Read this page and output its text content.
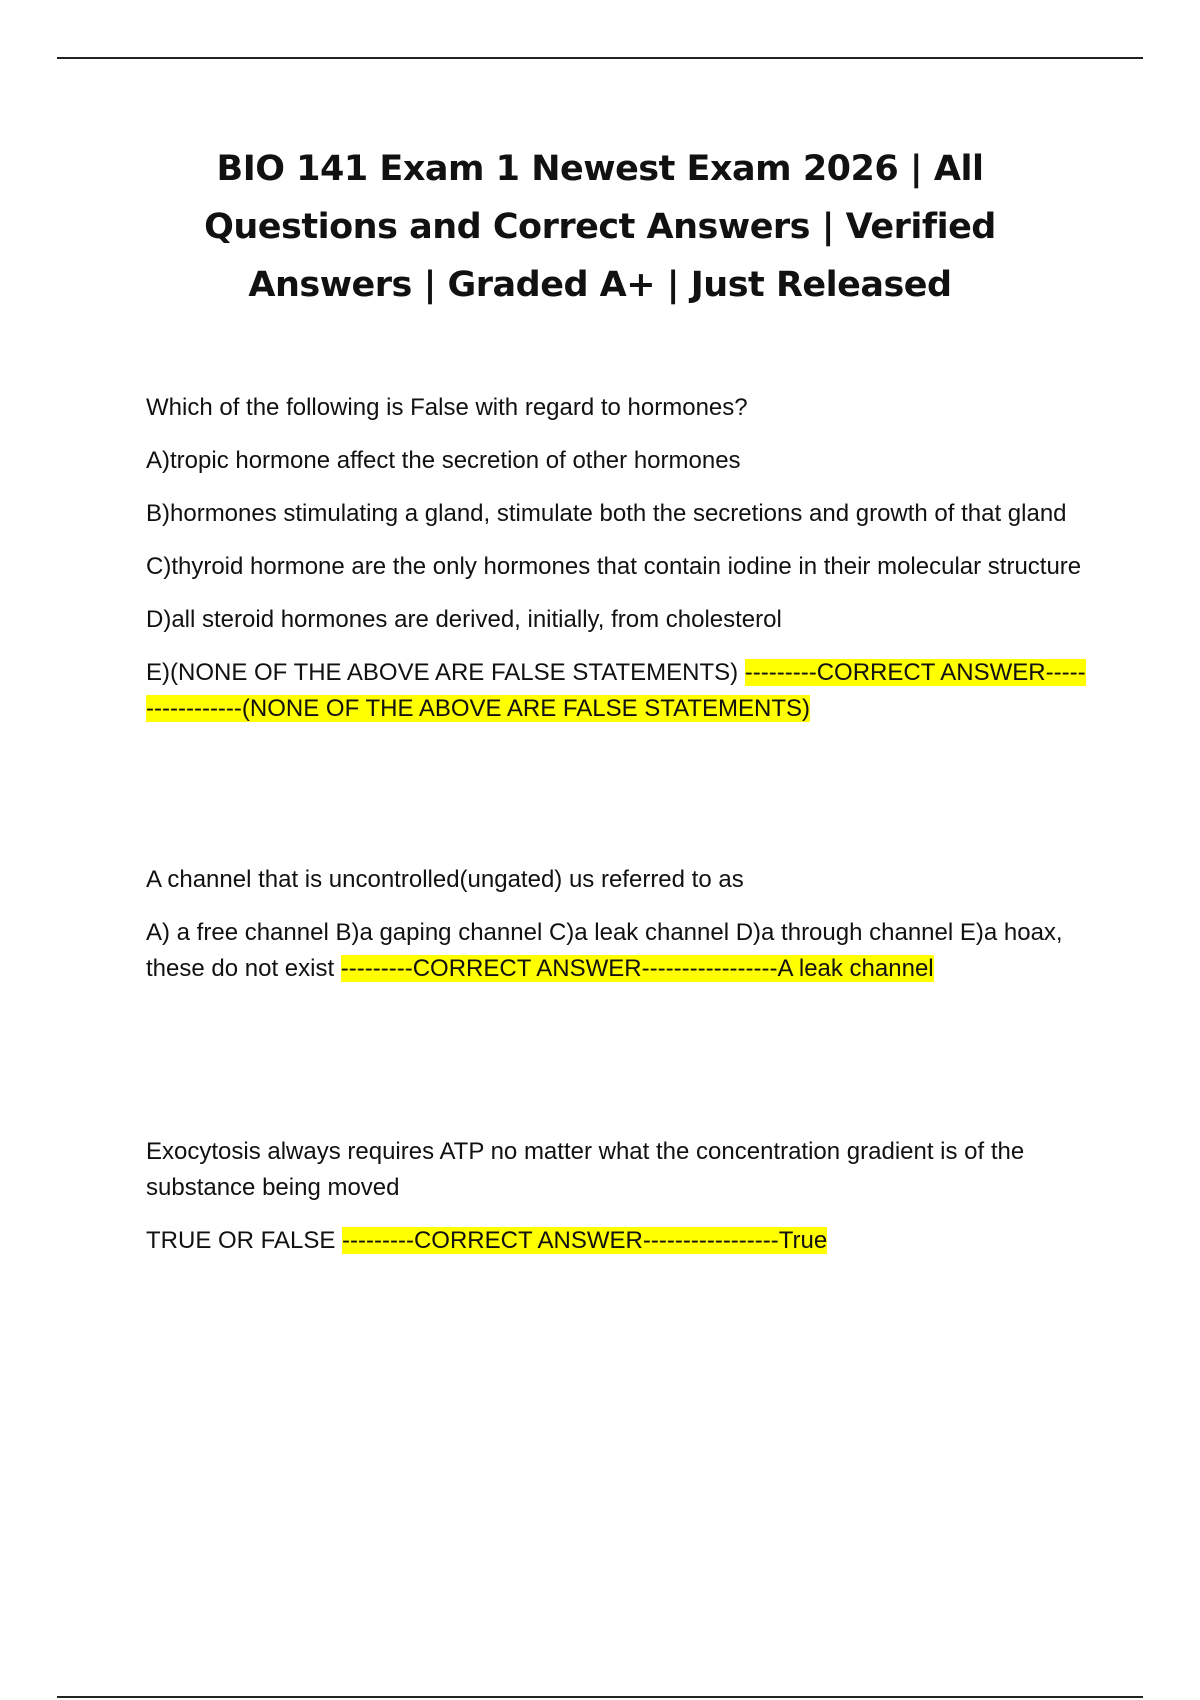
BIO 141 Exam 1 Newest Exam 2026 | All Questions and Correct Answers | Verified Answers | Graded A+ | Just Released

Which of the following is False with regard to hormones?

A)tropic hormone affect the secretion of other hormones

B)hormones stimulating a gland, stimulate both the secretions and growth of that gland

C)thyroid hormone are the only hormones that contain iodine in their molecular structure

D)all steroid hormones are derived, initially, from cholesterol

E)(NONE OF THE ABOVE ARE FALSE STATEMENTS) ---------CORRECT ANSWER-----------------(NONE OF THE ABOVE ARE FALSE STATEMENTS)

A channel that is uncontrolled(ungated) us referred to as

A) a free channel B)a gaping channel C)a leak channel D)a through channel E)a hoax, these do not exist ---------CORRECT ANSWER-----------------A leak channel

Exocytosis always requires ATP no matter what the concentration gradient is of the substance being moved

TRUE OR FALSE ---------CORRECT ANSWER-----------------True
